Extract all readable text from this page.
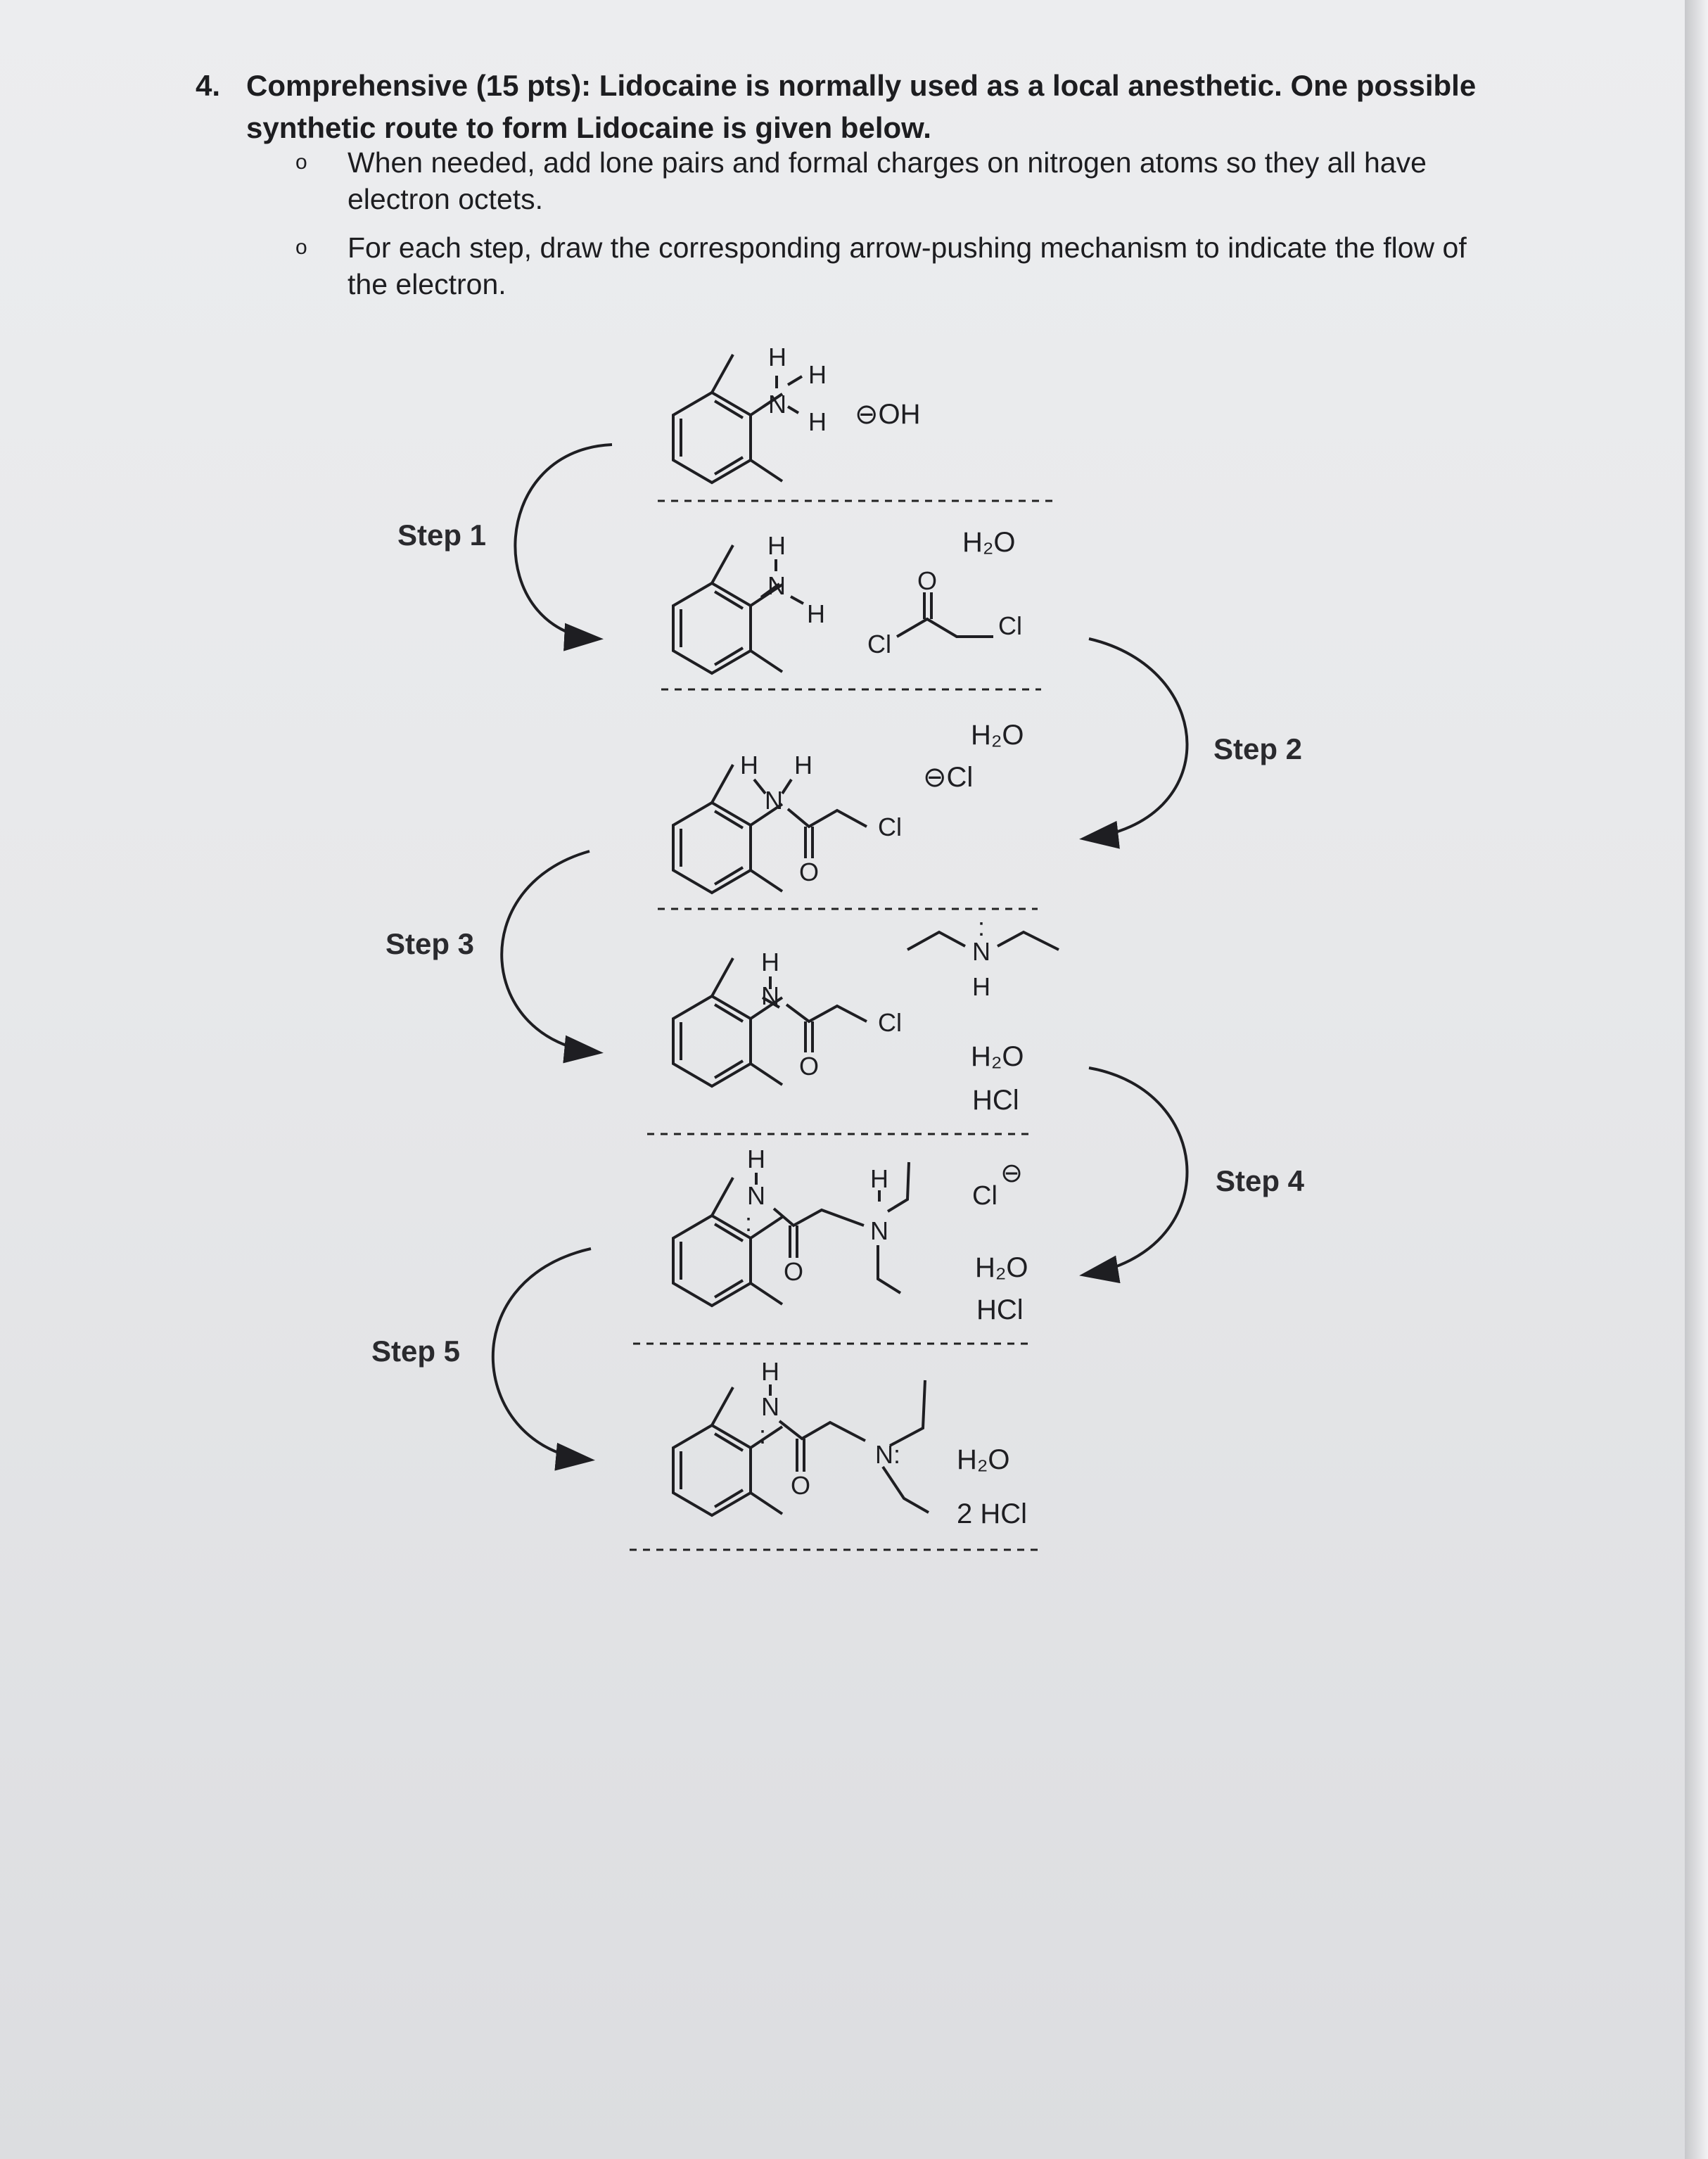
4. Comprehensive (15 pts): Lidocaine is normally used as a local anesthetic. One possible synthetic route to form Lidocaine is given below.
o When needed, add lone pairs and formal charges on nitrogen atoms so they all have electron octets.
o For each step, draw the corresponding arrow-pushing mechanism to indicate the flow of the electron.
Step 1
Step 2
Step 3
Step 4
Step 5
N
H
H
H ⊖OH
N
H
H
O
Cl
Cl
H₂O
N
H H
O
Cl
H₂O
⊖Cl
N
H
O
Cl
N
H
:
H₂O
HCl
N
H
:
O
N
H
Cl
⊖
H₂O
HCl
N
H
:
O
N: H₂O
2 HCl
